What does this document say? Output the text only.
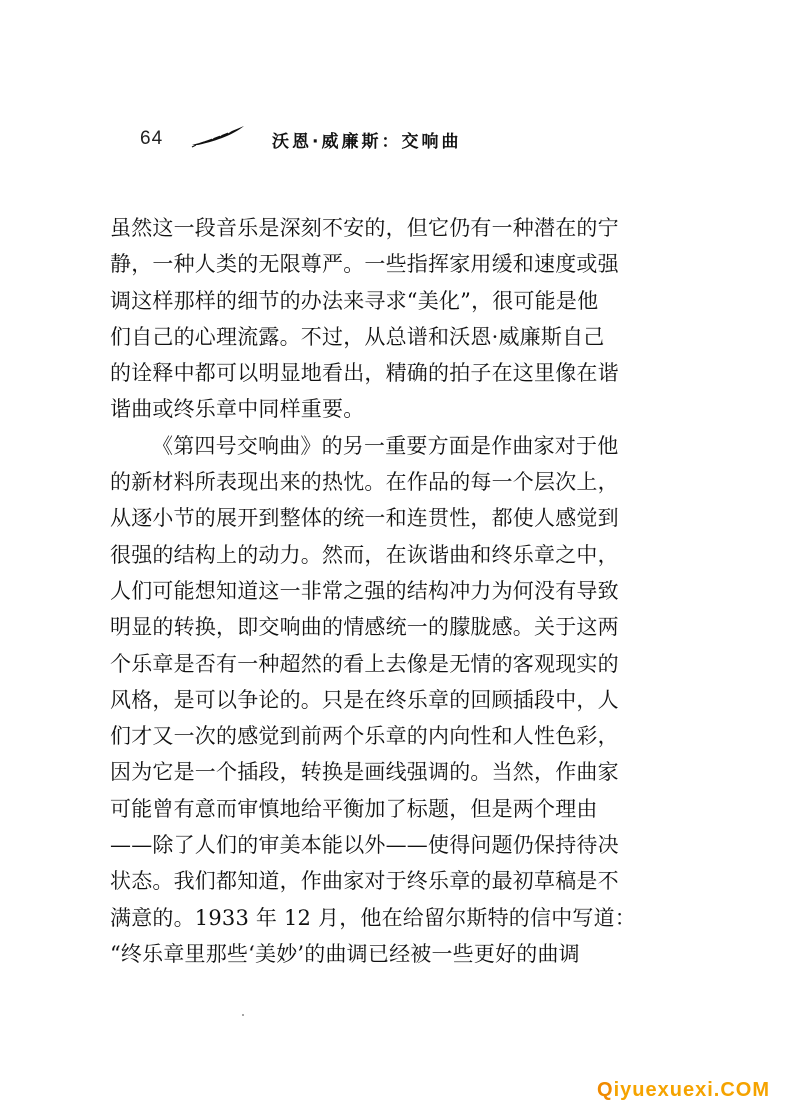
64	沃恩·威廉斯：交响曲
虽然这一段音乐是深刻不安的，但它仍有一种潜在的宁
静，一种人类的无限尊严。一些指挥家用缓和速度或强
调这样那样的细节的办法来寻求“美化”，很可能是他
们自己的心理流露。不过，从总谱和沃恩·威廉斯自己
的诠释中都可以明显地看出，精确的拍子在这里像在谐
谐曲或终乐章中同样重要。
《第四号交响曲》的另一重要方面是作曲家对于他
的新材料所表现出来的热忱。在作品的每一个层次上，
从逐小节的展开到整体的统一和连贯性，都使人感觉到
很强的结构上的动力。然而，在诙谐曲和终乐章之中，
人们可能想知道这一非常之强的结构冲力为何没有导致
明显的转换，即交响曲的情感统一的朦胧感。关于这两
个乐章是否有一种超然的看上去像是无情的客观现实的
风格，是可以争论的。只是在终乐章的回顾插段中，人
们才又一次的感觉到前两个乐章的内向性和人性色彩，
因为它是一个插段，转换是画线强调的。当然，作曲家
可能曾有意而审慎地给平衡加了标题，但是两个理由
——除了人们的审美本能以外——使得问题仍保持待决
状态。我们都知道，作曲家对于终乐章的最初草稿是不
满意的。1933 年 12 月，他在给留尔斯特的信中写道：
“终乐章里那些‘美妙’的曲调已经被一些更好的曲调
Qiyuexuexi.COM
